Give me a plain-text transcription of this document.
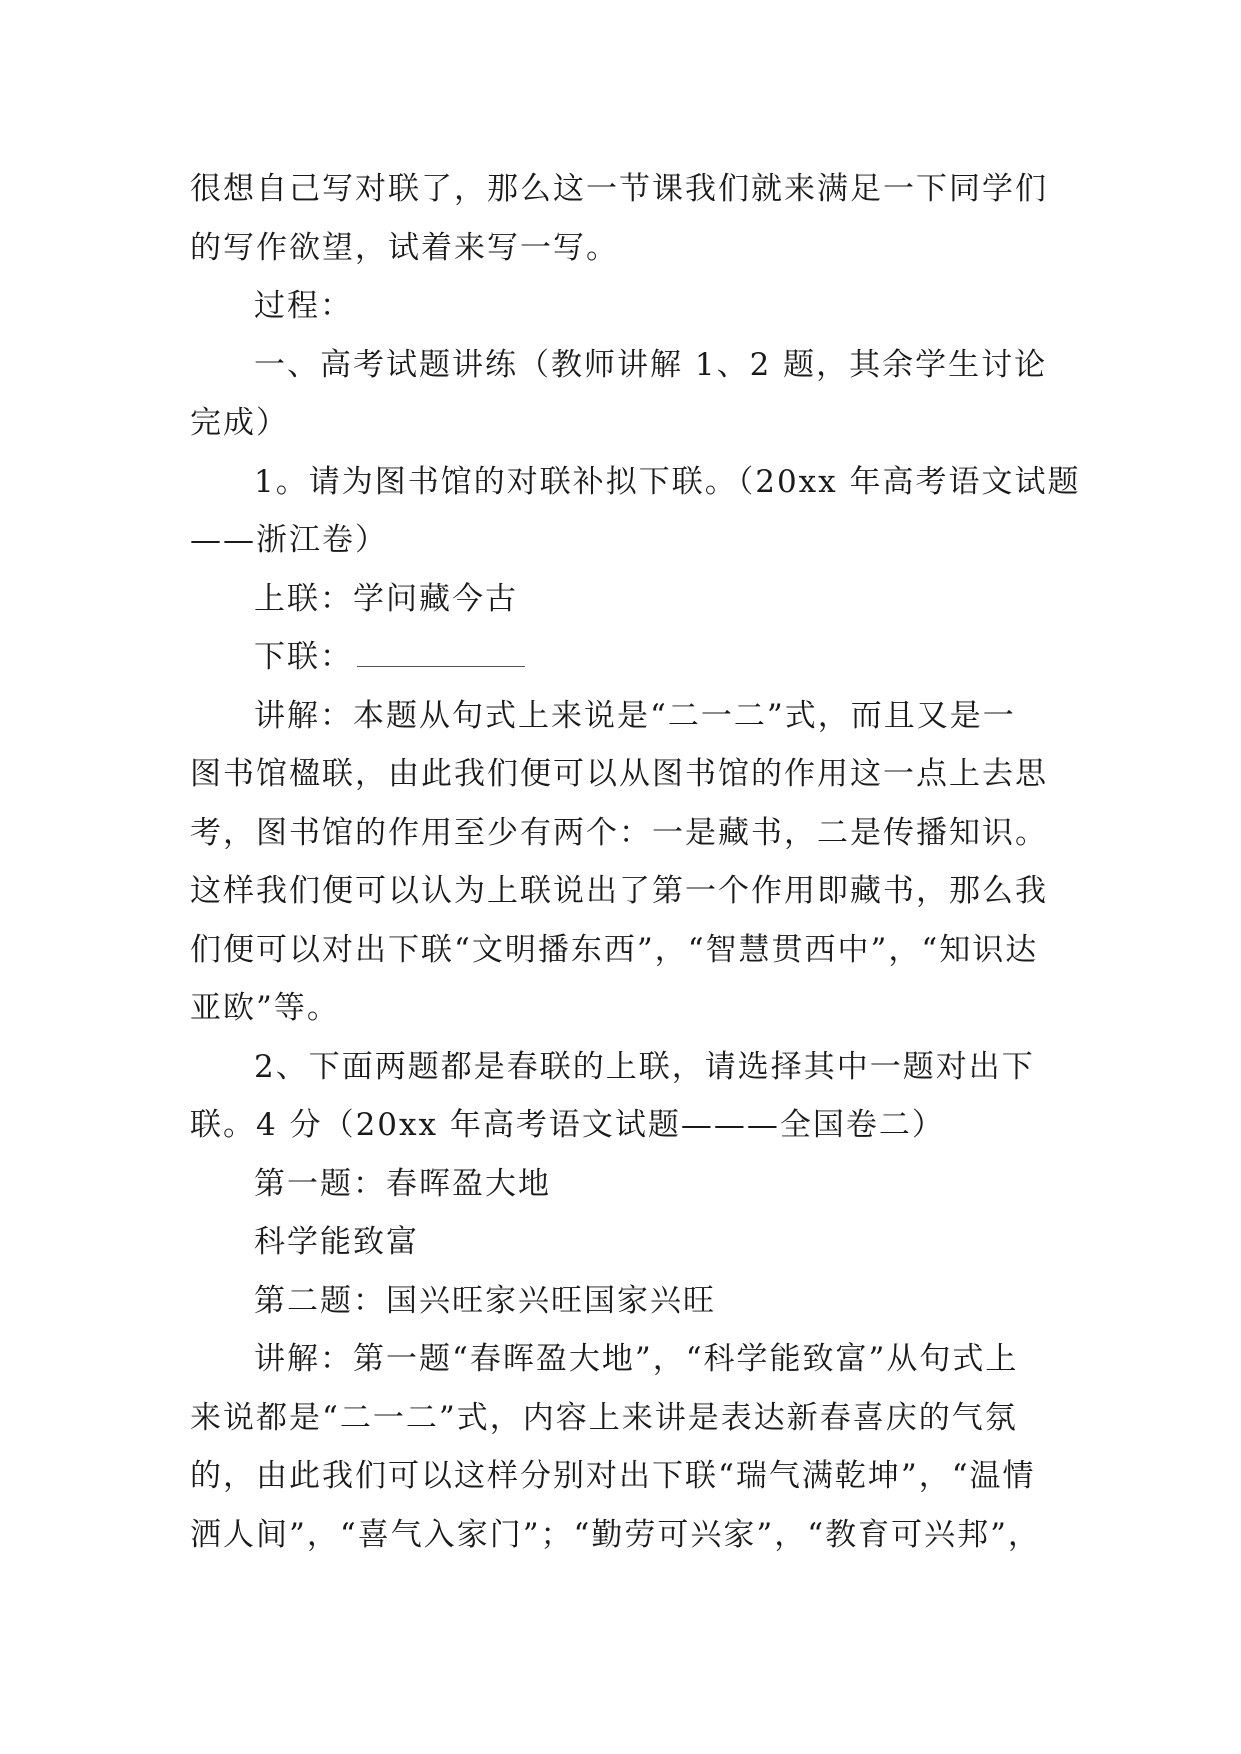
很想自己写对联了，那么这一节课我们就来满足一下同学们
的写作欲望，试着来写一写。
过程：
一、高考试题讲练（教师讲解 1、2 题，其余学生讨论
完成）
1。请为图书馆的对联补拟下联。（20xx 年高考语文试题
——浙江卷）
上联：学问藏今古
下联：
讲解：本题从句式上来说是“二一二”式，而且又是一
图书馆楹联，由此我们便可以从图书馆的作用这一点上去思
考，图书馆的作用至少有两个：一是藏书，二是传播知识。
这样我们便可以认为上联说出了第一个作用即藏书，那么我
们便可以对出下联“文明播东西”，“智慧贯西中”，“知识达
亚欧”等。
2、下面两题都是春联的上联，请选择其中一题对出下
联。4 分（20xx 年高考语文试题———全国卷二）
第一题：春晖盈大地
科学能致富
第二题：国兴旺家兴旺国家兴旺
讲解：第一题“春晖盈大地”，“科学能致富”从句式上
来说都是“二一二”式，内容上来讲是表达新春喜庆的气氛
的，由此我们可以这样分别对出下联“瑞气满乾坤”，“温情
洒人间”，“喜气入家门”；“勤劳可兴家”，“教育可兴邦”，
